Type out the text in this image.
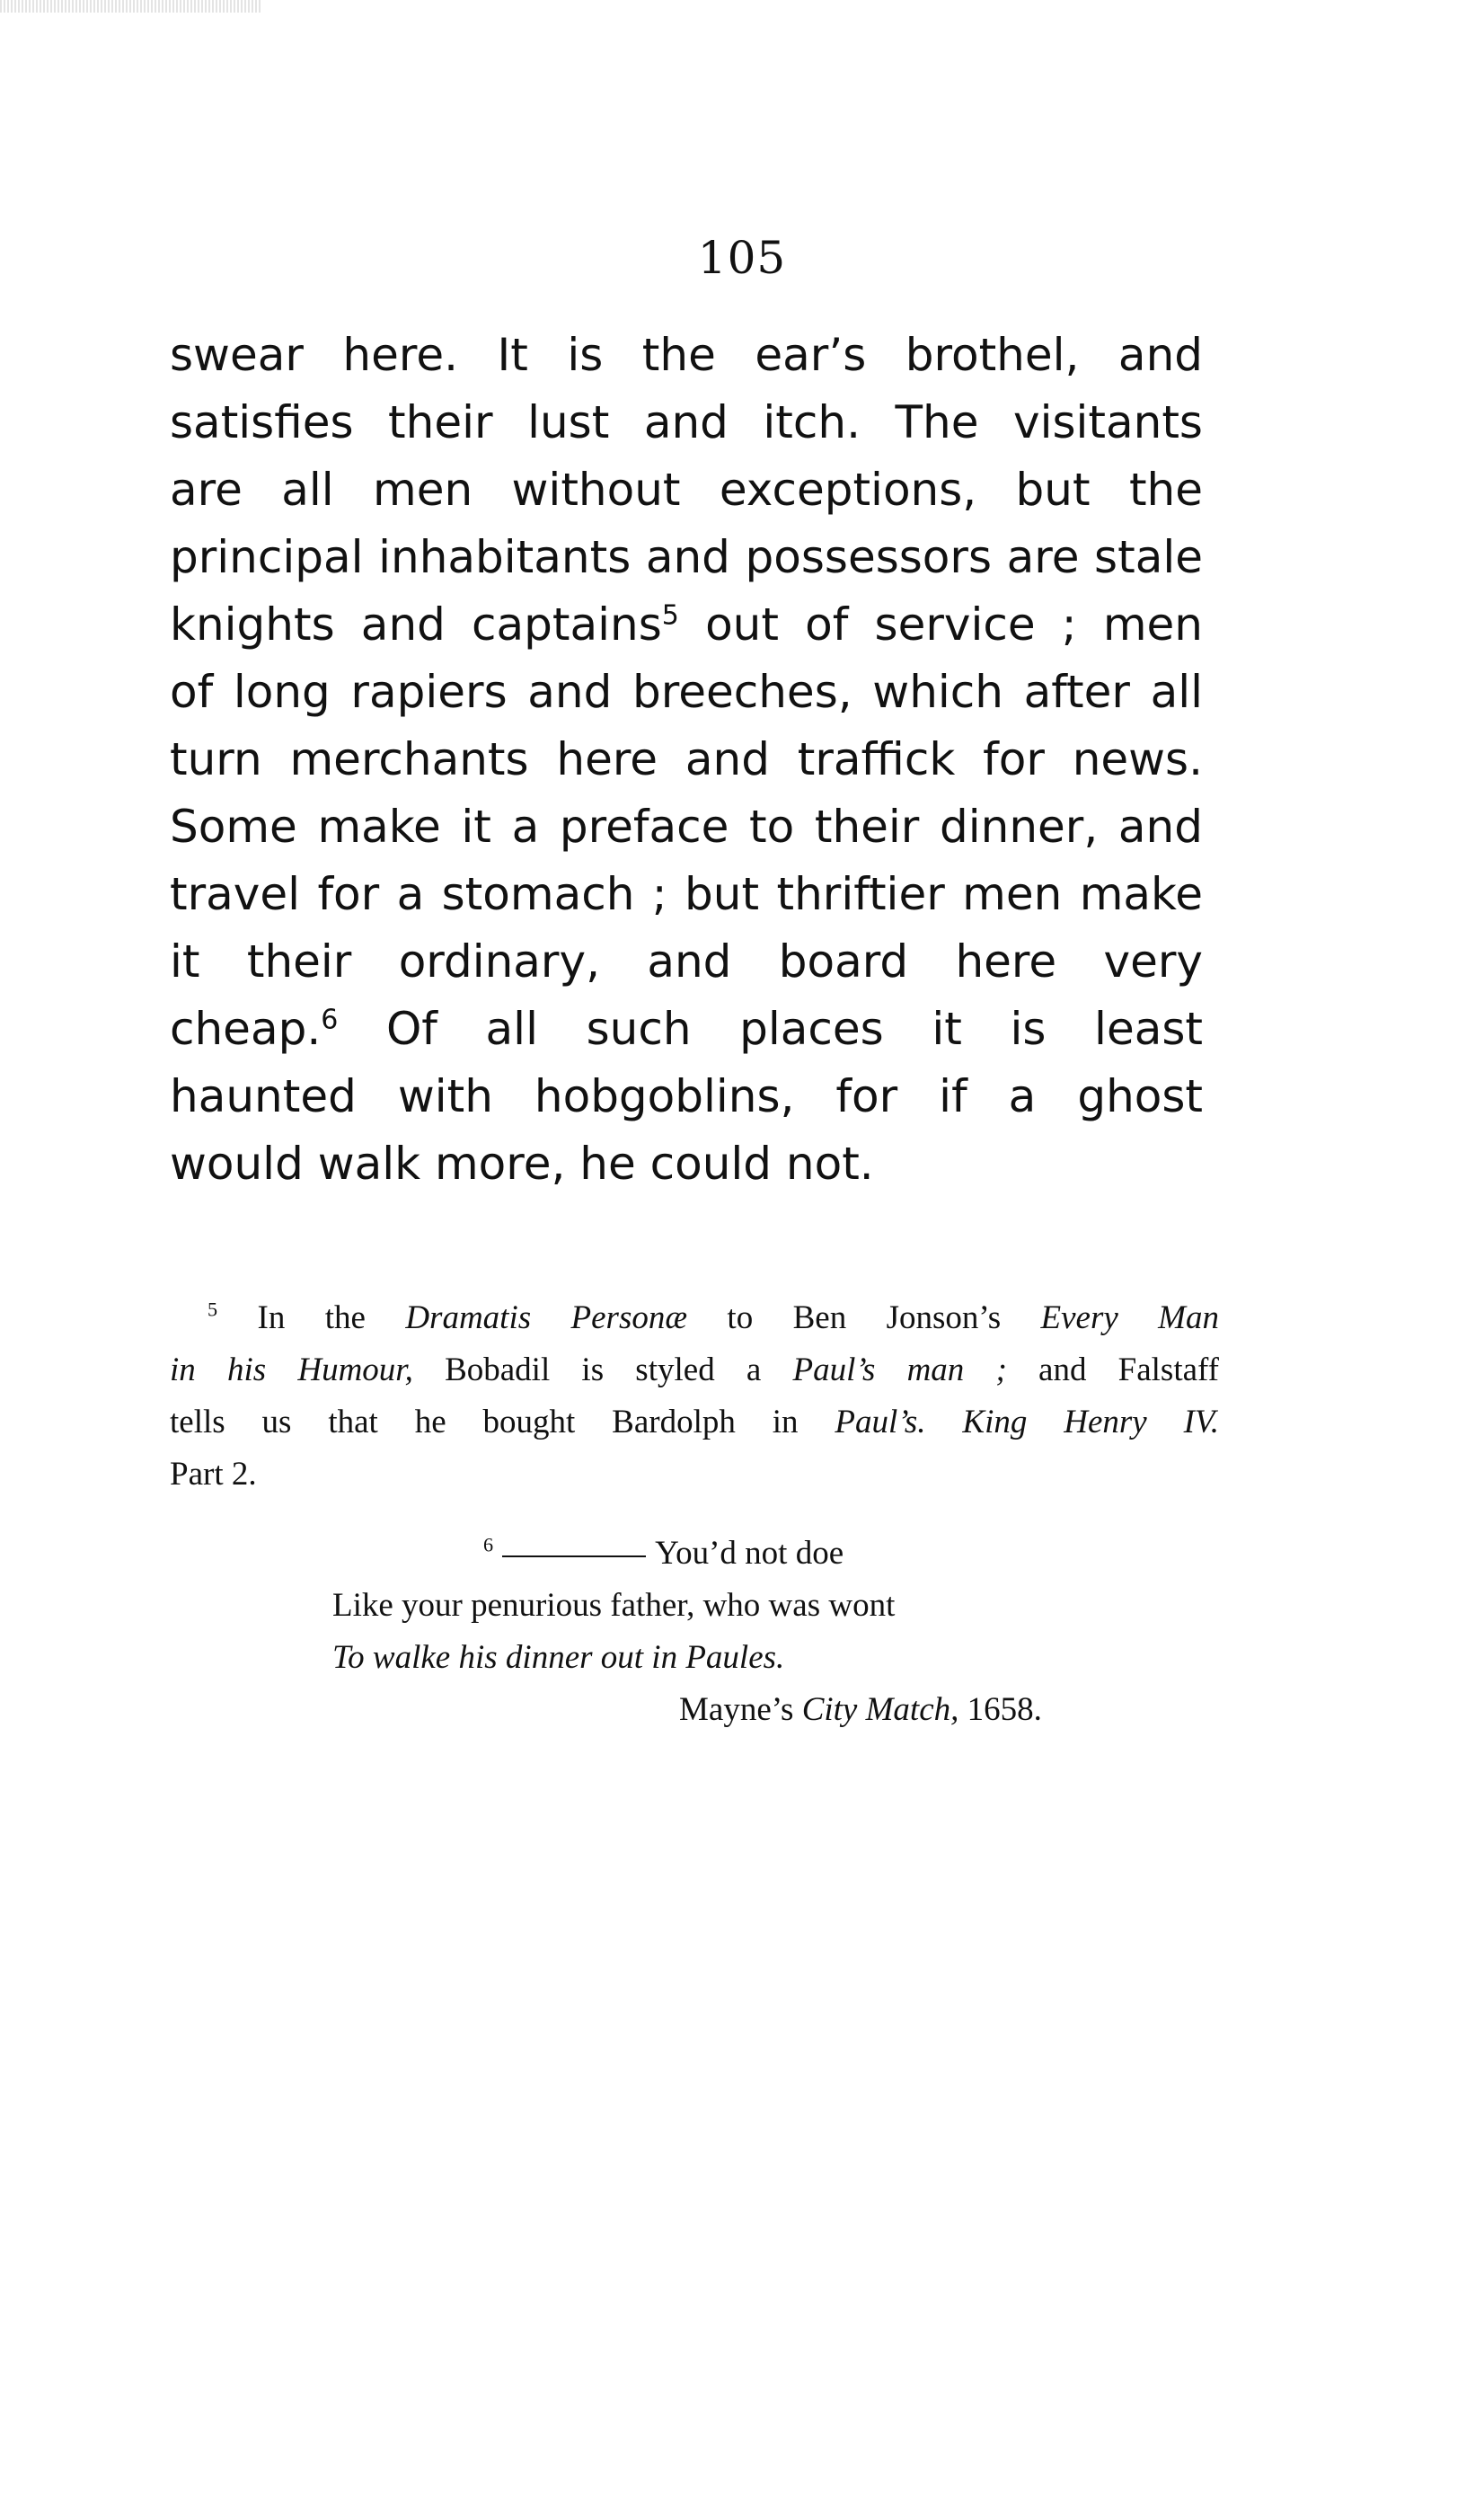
105
swear here. It is the ear’s brothel, and
satisfies their lust and itch. The visitants
are all men without exceptions, but the
principal inhabitants and possessors are stale
knights and captains$^5$ out of service ; men
of long rapiers and breeches, which after all
turn merchants here and traffick for news.
Some make it a preface to their dinner, and
travel for a stomach ; but thriftier men make
it their ordinary, and board here very
cheap.$^6$ Of all such places it is least
haunted with hobgoblins, for if a ghost
would walk more, he could not.
$^5$ In the Dramatis Personæ to Ben Jonson’s Every Man
in his Humour, Bobadil is styled a Paul’s man ; and Falstaff
tells us that he bought Bardolph in Paul’s. King Henry IV.
Part 2.
$^6$	You’d not doe
Like your penurious father, who was wont
To walke his dinner out in Paules.
Mayne’s City Match, 1658.
